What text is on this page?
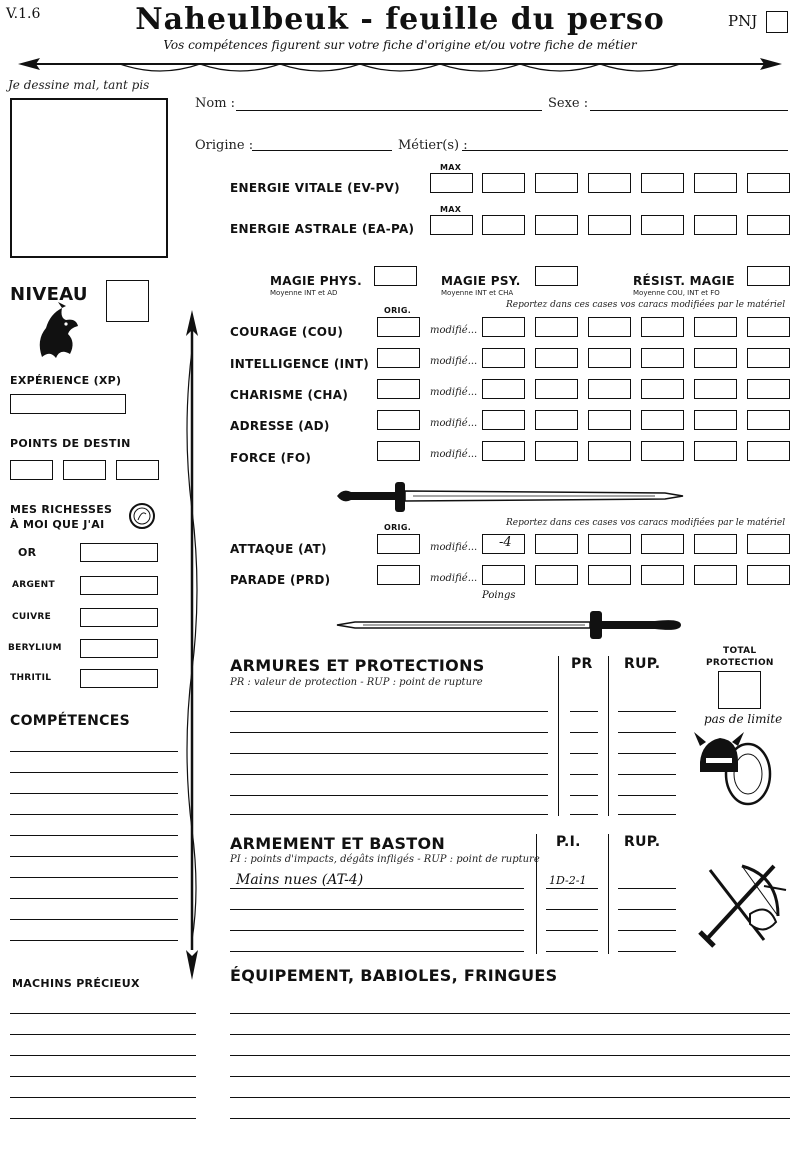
V.1.6	Naheulbeuk - feuille du perso
Vos compétences figurent sur votre fiche d'origine et/ou votre fiche de métier
PNJ
Je dessine mal, tant pis
Nom :	Sexe :
Origine :	Métier(s) :
MAX
ENERGIE VITALE (EV-PV)
MAX
ENERGIE ASTRALE (EA-PA)
MAGIE PHYS.
Moyenne INT et AD
MAGIE PSY.
Moyenne INT et CHA
RÉSIST. MAGIE
Moyenne COU, INT et FO
NIVEAU
EXPÉRIENCE (XP)
POINTS DE DESTIN
MES RICHESSES
À MOI QUE J'AI
OR
ARGENT
CUIVRE
BERYLIUM
THRITIL
COMPÉTENCES
MACHINS PRÉCIEUX
ORIG.
Reportez dans ces cases vos caracs modifiées par le matériel
COURAGE (COU)	modifié...
INTELLIGENCE (INT)	modifié...
CHARISME (CHA)	modifié...
ADRESSE (AD)	modifié...
FORCE (FO)	modifié...
ORIG.	Reportez dans ces cases vos caracs modifiées par le matériel
ATTAQUE (AT)	modifié... -4
PARADE (PRD)	modifié...
Poings
ARMURES ET PROTECTIONS
PR : valeur de protection - RUP : point de rupture
PR RUP.
TOTAL
PROTECTION
pas de limite
ARMEMENT ET BASTON
PI : points d'impacts, dégâts infligés - RUP : point de rupture
P.I.	RUP.
Mains nues (AT-4)	1D-2-1
ÉQUIPEMENT, BABIOLES, FRINGUES
